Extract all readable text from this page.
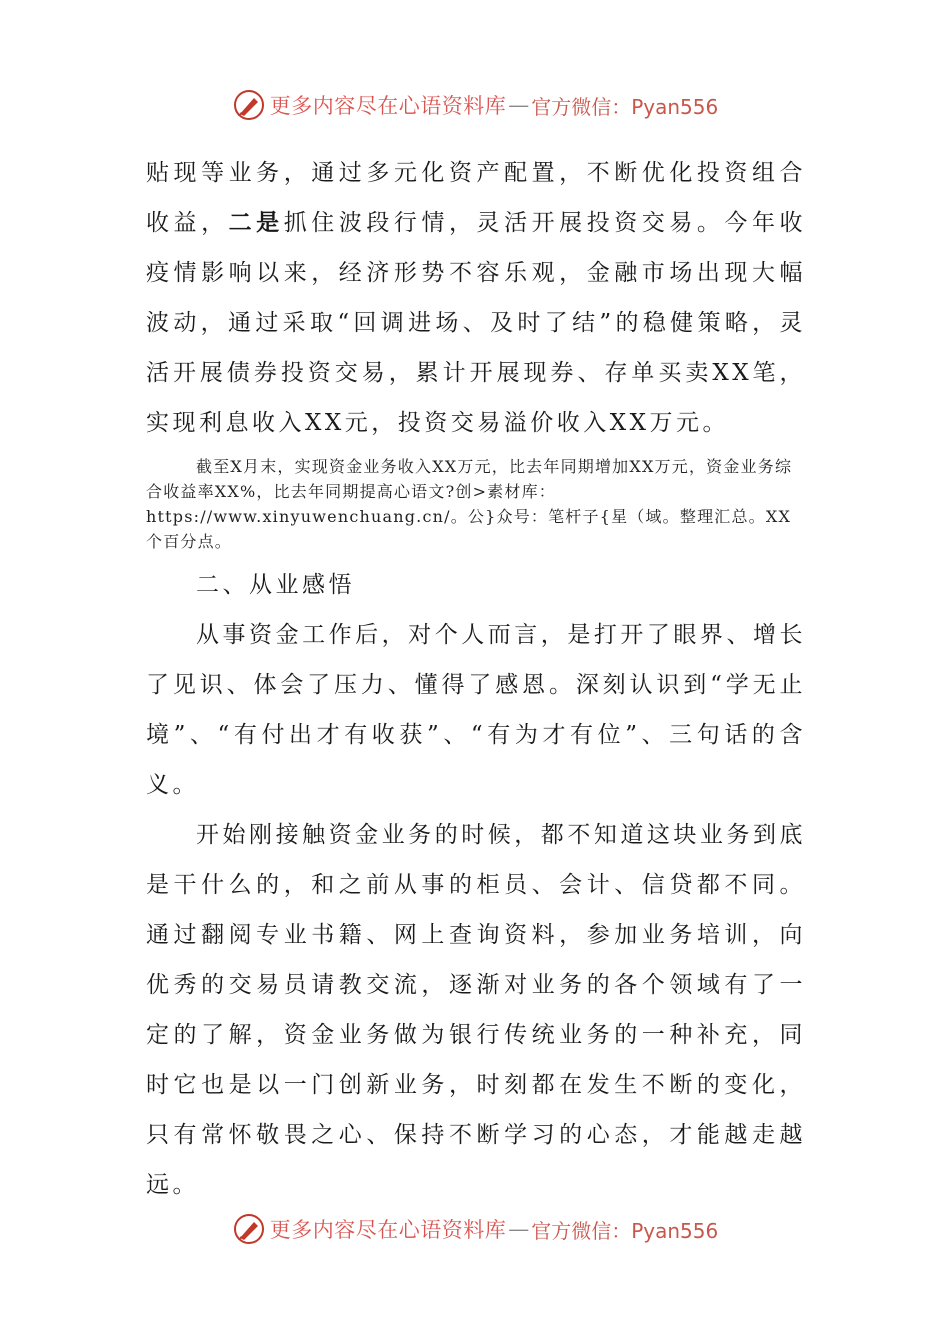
更多内容尽在心语资料库 — 官方微信：Pyan556

贴现等业务，通过多元化资产配置，不断优化投资组合收益，二是抓住波段行情，灵活开展投资交易。今年收疫情影响以来，经济形势不容乐观，金融市场出现大幅波动，通过采取“回调进场、及时了结”的稳健策略，灵活开展债券投资交易，累计开展现券、存单买卖XX笔，实现利息收入XX元，投资交易溢价收入XX万元。

截至X月末，实现资金业务收入XX万元，比去年同期增加XX万元，资金业务综合收益率XX%，比去年同期提高心语文?创>素材库：https://www.xinyuwenchuang.cn/。公}众号：笔杆子{星（域。整理汇总。XX个百分点。

二、从业感悟

从事资金工作后，对个人而言，是打开了眼界、增长了见识、体会了压力、懂得了感恩。深刻认识到“学无止境”、“有付出才有收获”、“有为才有位”、三句话的含义。

开始刚接触资金业务的时候，都不知道这块业务到底是干什么的，和之前从事的柜员、会计、信贷都不同。通过翻阅专业书籍、网上查询资料，参加业务培训，向优秀的交易员请教交流，逐渐对业务的各个领域有了一定的了解，资金业务做为银行传统业务的一种补充，同时它也是以一门创新业务，时刻都在发生不断的变化，只有常怀敬畏之心、保持不断学习的心态，才能越走越远。

更多内容尽在心语资料库 — 官方微信：Pyan556
